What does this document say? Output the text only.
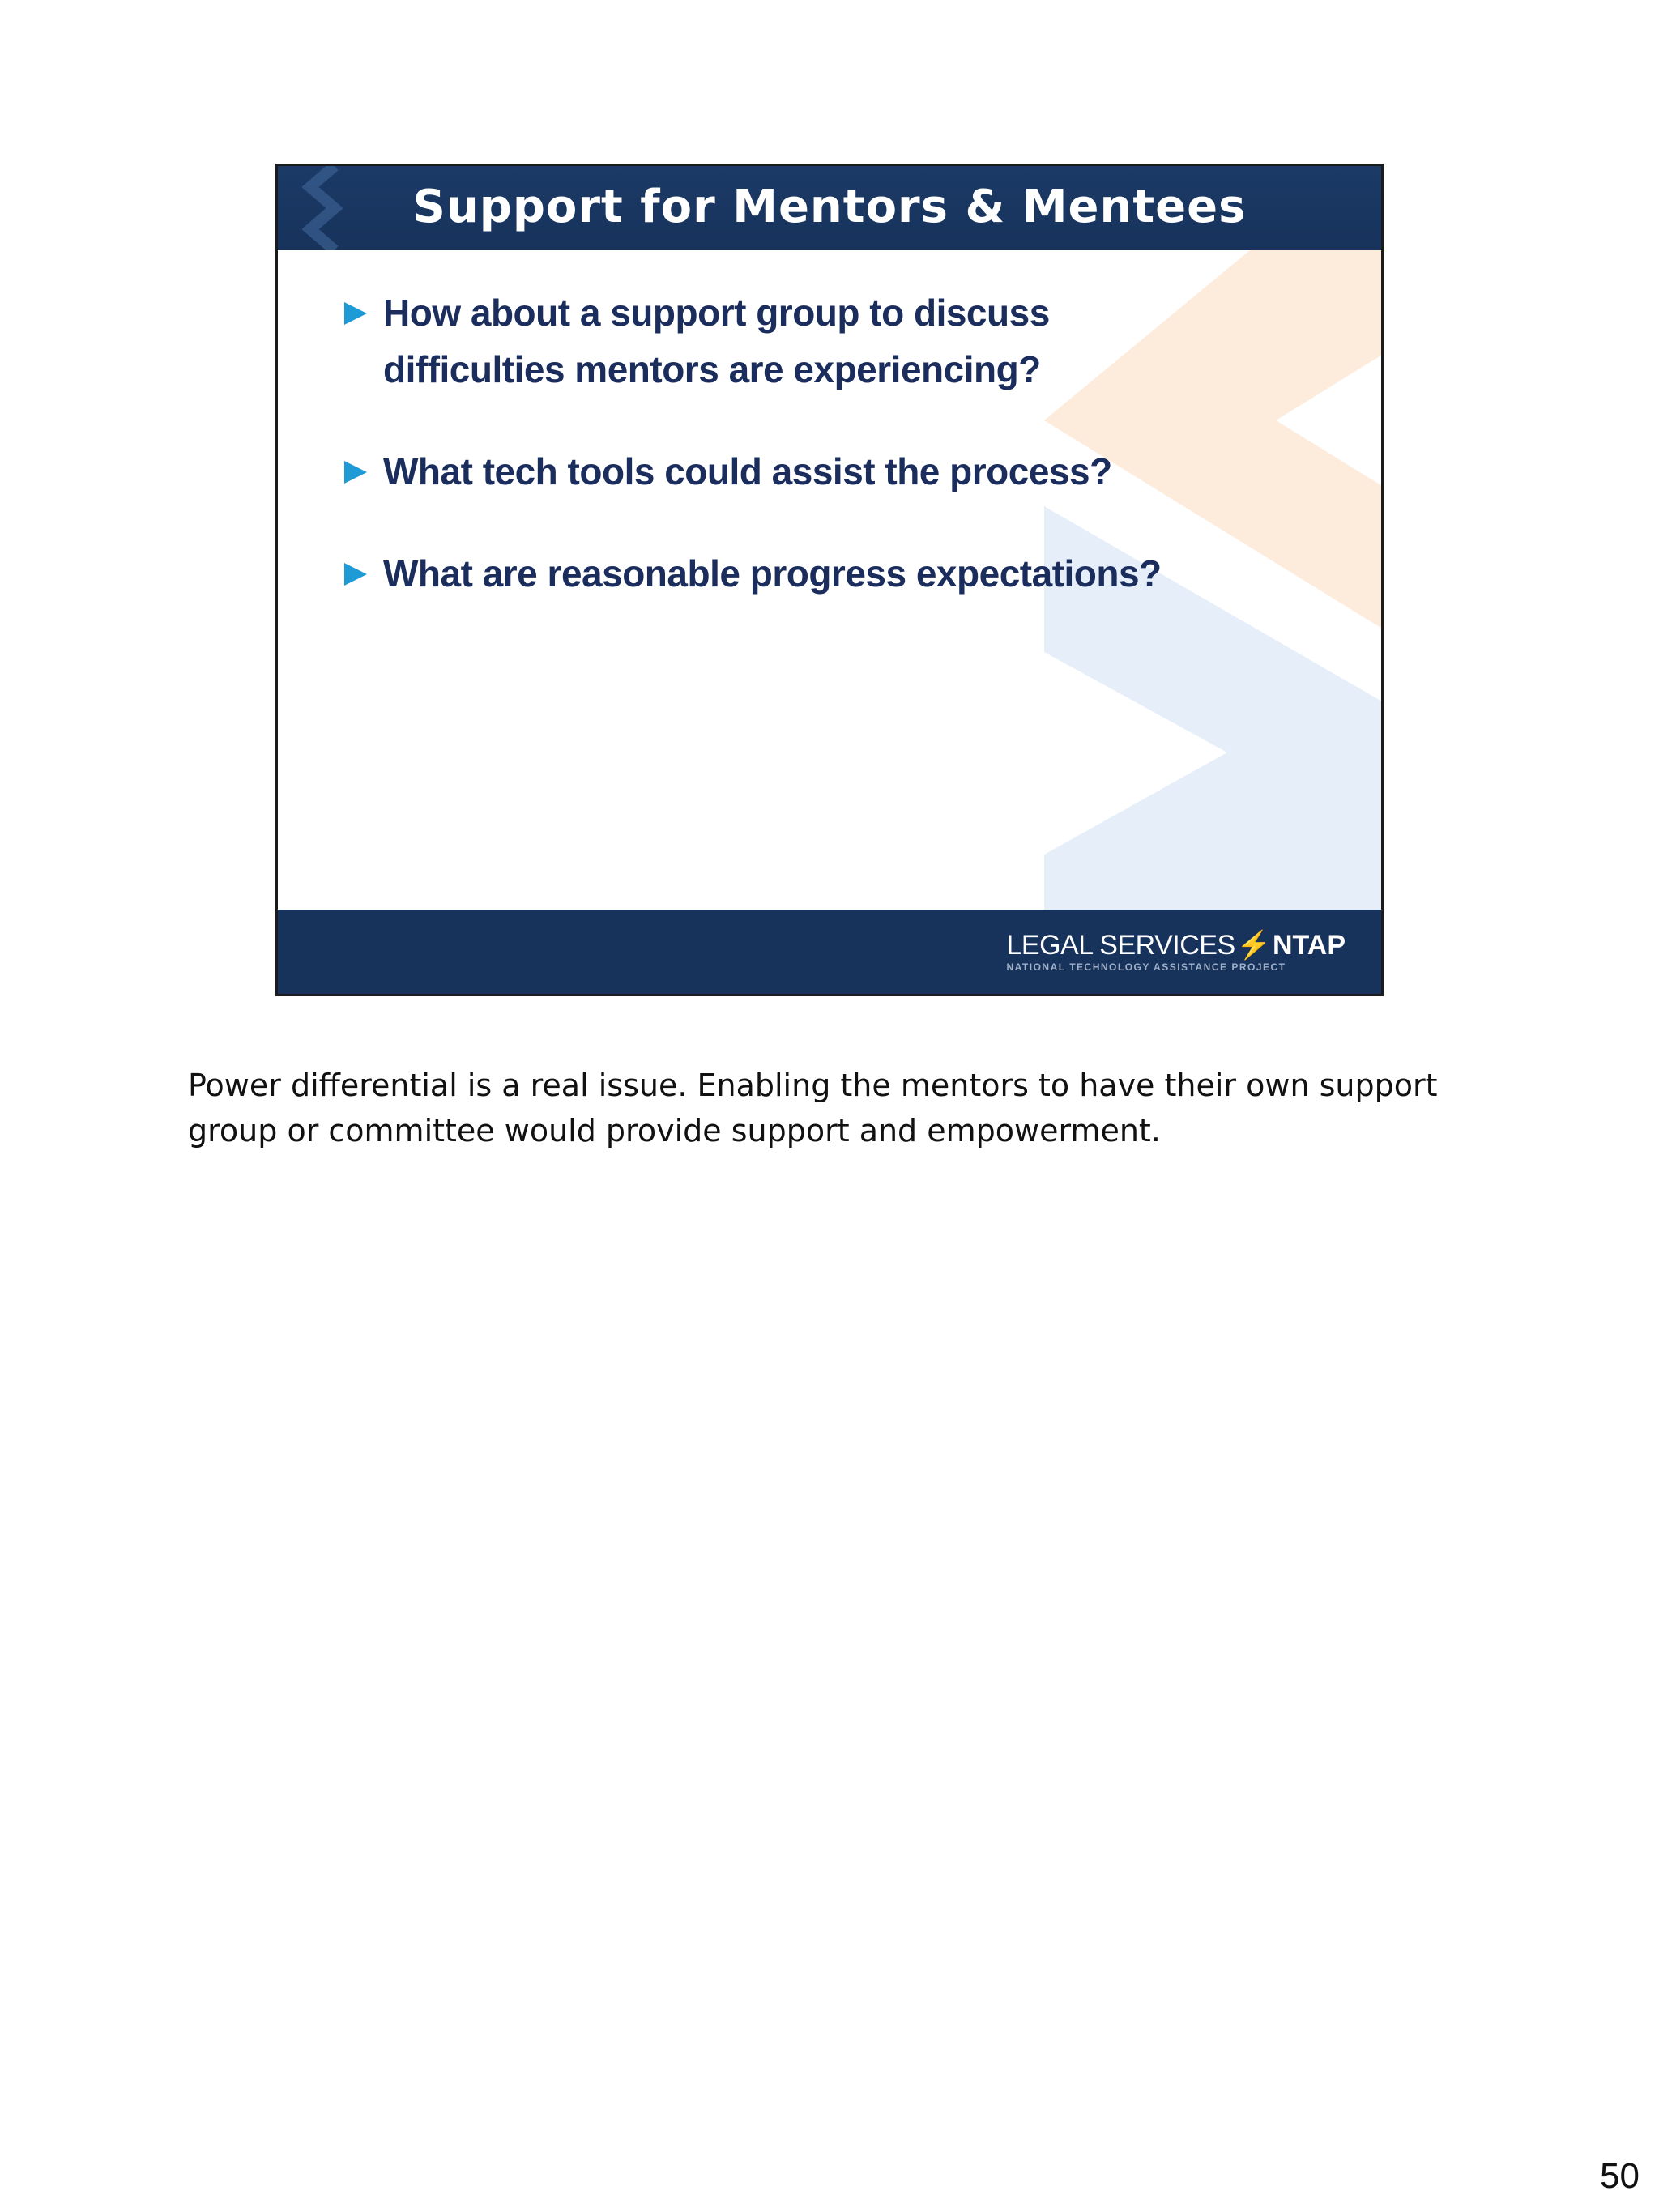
Support for Mentors & Mentees
How about a support group to discuss difficulties mentors are experiencing?
What tech tools could assist the process?
What are reasonable progress expectations?
LEGAL SERVICES⚡NTAP
NATIONAL TECHNOLOGY ASSISTANCE PROJECT

Power differential is a real issue. Enabling the mentors to have their own support group or committee would provide support and empowerment.

50
